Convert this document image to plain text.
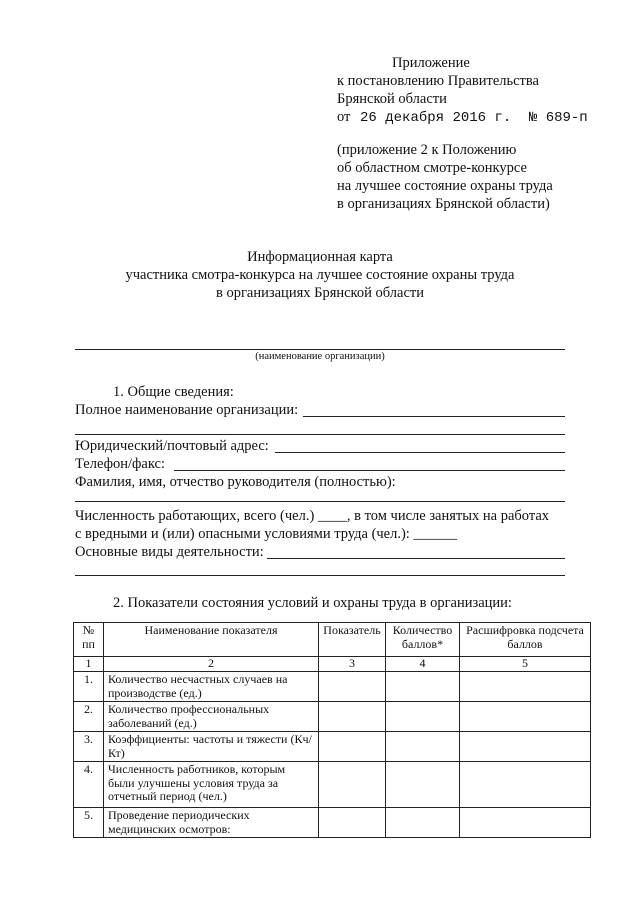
Приложение
к постановлению Правительства
Брянской области
от 26 декабря 2016 г. № 689-п
(приложение 2 к Положению
об областном смотре-конкурсе
на лучшее состояние охраны труда
в организациях Брянской области)
Информационная карта
участника смотра-конкурса на лучшее состояние охраны труда
в организациях Брянской области
(наименование организации)
1. Общие сведения:
Полное наименование организации:
Юридический/почтовый адрес:
Телефон/факс:
Фамилия, имя, отчество руководителя (полностью):
Численность работающих, всего (чел.) ____, в том числе занятых на работах
с вредными и (или) опасными условиями труда (чел.): ______
Основные виды деятельности:
2. Показатели состояния условий и охраны труда в организации:
№ пп	Наименование показателя	Показатель	Количество баллов*	Расшифровка подсчета баллов
1	2	3	4	5
1.	Количество несчастных случаев на производстве (ед.)			
2.	Количество профессиональных заболеваний (ед.)			
3.	Коэффициенты: частоты и тяжести (Кч/Кт)			
4.	Численность работников, которым были улучшены условия труда за отчетный период (чел.)			
5.	Проведение периодических медицинских осмотров:			
